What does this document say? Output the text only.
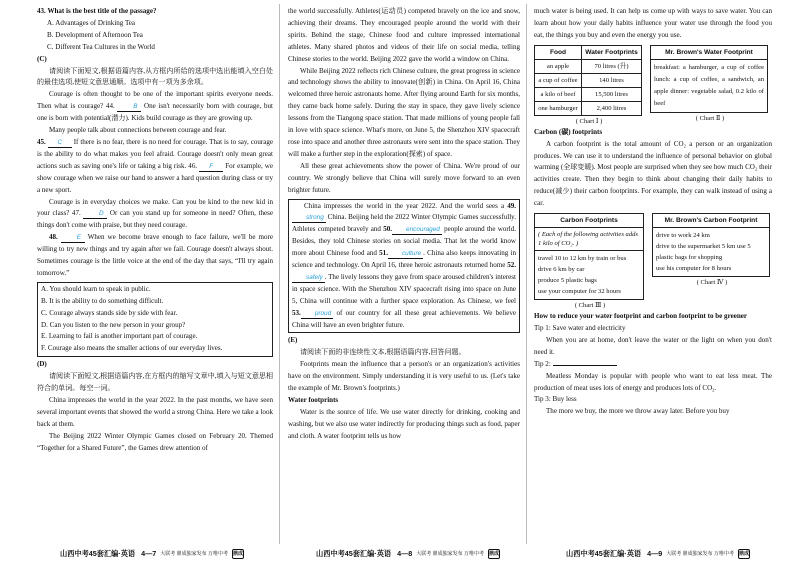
43. What is the best title of the passage?

A. Advantages of Drinking Tea

B. Development of Afternoon Tea

C. Different Tea Cultures in the World

(C)

请阅读下面短文,根据语篇内容,从方框内所给的选项中选出能填入空白处的最佳选项,使短文意思通顺。选项中有一项为多余项。

Courage is often thought to be one of the important spirits everyone needs. Then what is courage? 44.	B One isn't necessarily born with courage, but one is born with potential(潜力). Kids build courage as they are growing up.

Many people talk about connections between courage and fear.

45. C If there is no fear, there is no need for courage. That is to say, courage is the ability to do what makes you feel afraid. Courage doesn't only mean great actions such as saving one's life or taking a big risk. 46. F For example, we show courage when we raise our hand to answer a hard question during class or try a new sport.

Courage is in everyday choices we make. Can you be kind to the new kid in your class? 47.	D Or can you stand up for someone in need? Often, these things don't come with praise, but they need courage.

48.	E When we become brave enough to face failure, we'll be more willing to try new things and try again after we fail. Courage doesn't always shout. Sometimes courage is the little voice at the end of the day that says, “I'll try again tomorrow.”

A. You should learn to speak in public.

B. It is the ability to do something difficult.

C. Courage always stands side by side with fear.

D. Can you listen to the new person in your group?

E. Learning to fail is another important part of courage.

F. Courage also means the smaller actions of our everyday lives.

(D)

请阅读下面短文,根据语篇内容,在方框内的缩写文章中,填入与短文意思相符合的单词。每空一词。

China impresses the world in the year 2022. In the past months, we have seen several important events that showed the world a strong China. Here we take a look back at them.

The Beijing 2022 Winter Olympic Games closed on February 20. Themed “Together for a Shared Future”, the Games drew attention of

the world successfully. Athletes(运动员) competed bravely on the ice and snow, achieving their dreams. They encouraged people around the world with their spirits. Behind the stage, Chinese food and culture impressed international athletes. Many shared photos and videos of their life on social media, telling Chinese stories to the world. Beijing 2022 gave the world a window on China.

While Beijing 2022 reflects rich Chinese culture, the great progress in science and technology shows the ability to innovate(创新) in China. On April 16, China welcomed three heroic astronauts home. After flying around Earth for six months, they came back home safely. During the stay in space, they gave lively science lessons from the Tiangong space station. That made millions of young people fall in love with space science. What's more, on June 5, the Shenzhou XIV spacecraft rose into space and another three astronauts were sent into the space station. They will make a further step in the exploration(探索) of space.

All these great achievements show the power of China. We're proud of our country. We strongly believe that China will surely move forward to an even brighter future.

China impresses the world in the year 2022. And the world sees a 49.strong China. Beijing held the 2022 Winter Olympic Games successfully. Athletes competed bravely and 50. encouraged people around the world. Besides, they told Chinese stories on social media. That let the world know more about Chinese food and 51. culture . China also keeps innovating in science and technology. On April 16, three heroic astronauts returned home 52.safely . The lively lessons they gave from space aroused children's interest in space science. With the Shenzhou XIV spacecraft rising into space on June 5, China will continue with a further space exploration. As Chinese, we feel 53. proud of our country for all these great achievements. We believe China will have an even brighter future.

(E)

请阅读下面的非连续性文本,根据语篇内容,回答问题。

Footprints mean the influence that a person's or an organization's activities have on the environment. Simply understanding it is very useful to us. (Let's take the example of Mr. Brown's footprints.)

Water footprints

Water is the source of life. We use water directly for drinking, cooking and washing, but we also use water indirectly for producing things such as food, paper and cloth. A water footprint tells us how

much water is being used. It can help us come up with ways to save water. You can learn about how your daily habits influence your water use through the food you eat, the things you buy and even the energy you use.

Food	Water Footprints
an apple	70 litres (升)
a cup of coffee	140 litres
a kilo of beef	15,500 litres
one hamburger	2,400 litres
( Chart Ⅰ )
Mr. Brown's Water Footprint
breakfast: a hamburger, a cup of coffee lunch: a cup of coffee, a sandwich, an apple dinner: vegetable salad, 0.2 kilo of beef
( Chart Ⅱ )

Carbon (碳) footprints

A carbon footprint is the total amount of CO₂ a person or an organization produces. We can use it to understand the influence of personal behavior on global warming (全球变暖). Most people are surprised when they see how much CO₂ their activities create. Then they begin to think about changing their daily habits to reduce(减少) their carbon footprints. For example, they can walk instead of using a car.

Carbon Footprints
( Each of the following activities adds 1 kilo of CO₂. )

travel 10 to 12 km by train or bus
drive 6 km by car
produce 5 plastic bags
use your computer for 32 hours
( Chart Ⅲ )
Mr. Brown's Carbon Footprint

drive to work 24 km
drive to the supermarket 5 km use 5 plastic bags for shopping
use his computer for 8 hours
( Chart Ⅳ )

How to reduce your water footprint and carbon footprint to be greener

Tip 1: Save water and electricity

When you are at home, don't leave the water or the light on when you don't need it.

Tip 2:

Meatless Monday is popular with people who want to eat less meat. The production of meat uses lots of energy and produces lots of CO₂.

Tip 3: Buy less

The more we buy, the more we throw away later. Before you buy

山西中考45套汇编·英语 4—7 大联考 鼎成独家发布 万唯中考 鼎成	山西中考45套汇编·英语 4—8 大联考 鼎成独家发布 万唯中考 鼎成	山西中考45套汇编·英语 4—9 大联考 鼎成独家发布 万唯中考 鼎成
